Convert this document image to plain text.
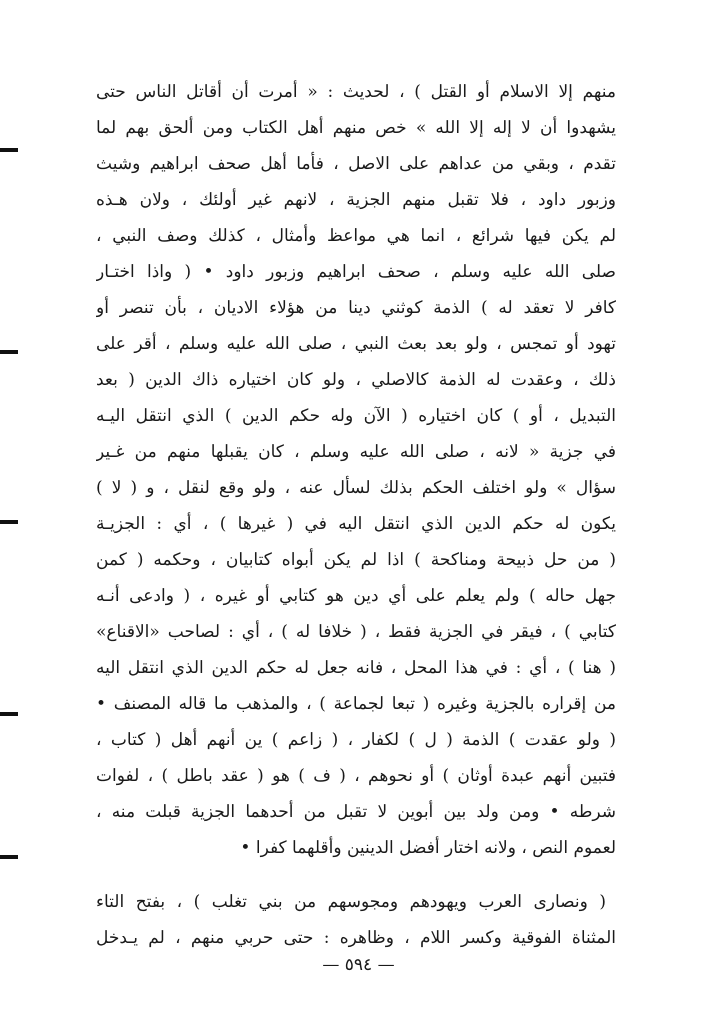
منهم إلا الاسلام أو القتل ) ، لحديث : « أمرت أن أقاتل الناس حتى
يشهدوا أن لا إله إلا الله » خص منهم أهل الكتاب ومن ألحق بهم لما
تقدم ، وبقي من عداهم على الاصل ، فأما أهل صحف ابراهيم وشيث
وزبور داود ، فلا تقبل منهم الجزية ، لانهم غير أولئك ، ولان هـذه
لم يكن فيها شرائع ، انما هي مواعظ وأمثال ، كذلك وصف النبي ،
صلى الله عليه وسلم ، صحف ابراهيم وزبور داود • ( واذا اختـار
كافر لا تعقد له ) الذمة كوثني دينا من هؤلاء الاديان ، بأن تنصر أو
تهود أو تمجس ، ولو بعد بعث النبي ، صلى الله عليه وسلم ، أقر على
ذلك ، وعقدت له الذمة كالاصلي ، ولو كان اختياره ذاك الدين ( بعد
التبديل ، أو ) كان اختياره ( الآن وله حكم الدين ) الذي انتقل اليـه
في جزية « لانه ، صلى الله عليه وسلم ، كان يقبلها منهم من غـير
سؤال » ولو اختلف الحكم بذلك لسأل عنه ، ولو وقع لنقل ، و ( لا )
يكون له حكم الدين الذي انتقل اليه في ( غيرها ) ، أي : الجزيـة
( من حل ذبيحة ومناكحة ) اذا لم يكن أبواه كتابيان ، وحكمه ( كمن
جهل حاله ) ولم يعلم على أي دين هو كتابي أو غيره ، ( وادعى أنـه
كتابي ) ، فيقر في الجزية فقط ، ( خلافا له ) ، أي : لصاحب «الاقناع»
( هنا ) ، أي : في هذا المحل ، فانه جعل له حكم الدين الذي انتقل اليه
من إقراره بالجزية وغيره ( تبعا لجماعة ) ، والمذهب ما قاله المصنف •
( ولو عقدت ) الذمة ( ل ) لكفار ، ( زاعم ) ين أنهم أهل ( كتاب ،
فتبين أنهم عبدة أوثان ) أو نحوهم ، ( ف ) هو ( عقد باطل ) ، لفوات
شرطه • ومن ولد بين أبوين لا تقبل من أحدهما الجزية قبلت منه ،
لعموم النص ، ولانه اختار أفضل الدينين وأقلهما كفرا •

( ونصارى العرب ويهودهم ومجوسهم من بني تغلب ) ، بفتح التاء
المثناة الفوقية وكسر اللام ، وظاهره : حتى حربي منهم ، لم يـدخل

— ٥٩٤ —
